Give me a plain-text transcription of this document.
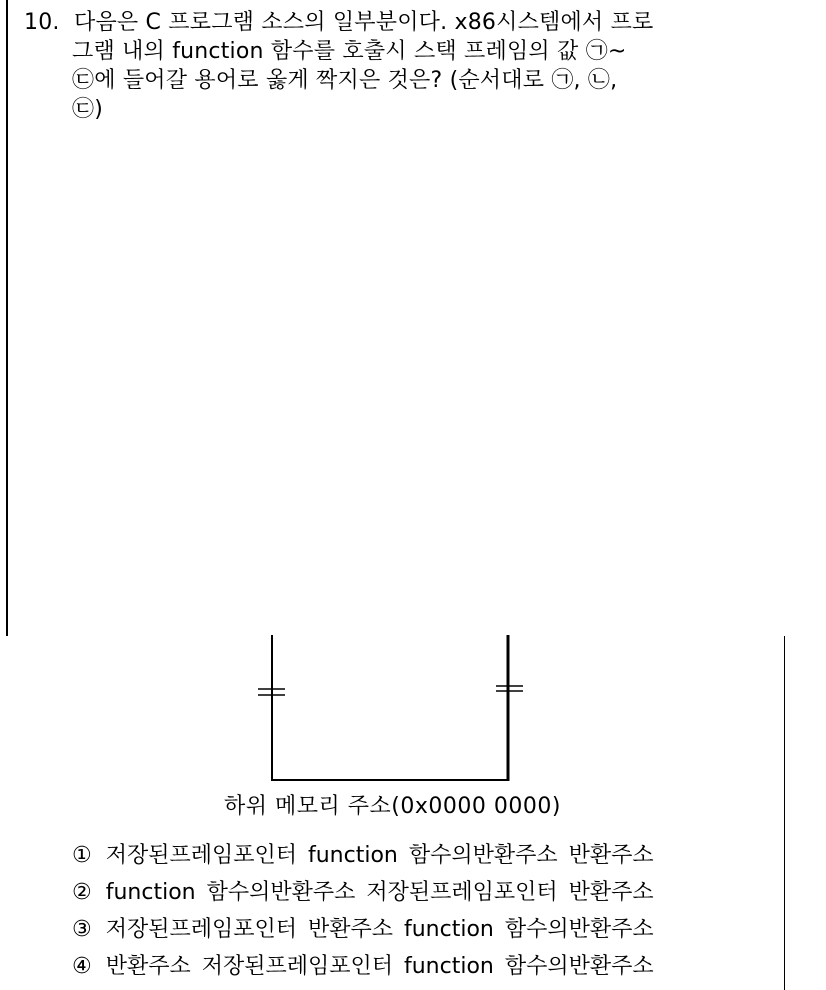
10. 다음은 C 프로그램 소스의 일부분이다. x86시스템에서 프로
그램 내의 function 함수를 호출시 스택 프레임의 값 ㉠~
㉢에 들어갈 용어로 옳게 짝지은 것은? (순서대로 ㉠, ㉡,
㉢)
하위 메모리 주소(0x0000 0000)
① 저장된프레임포인터 function 함수의반환주소 반환주소
② function 함수의반환주소 저장된프레임포인터 반환주소
③ 저장된프레임포인터 반환주소 function 함수의반환주소
④ 반환주소 저장된프레임포인터 function 함수의반환주소
